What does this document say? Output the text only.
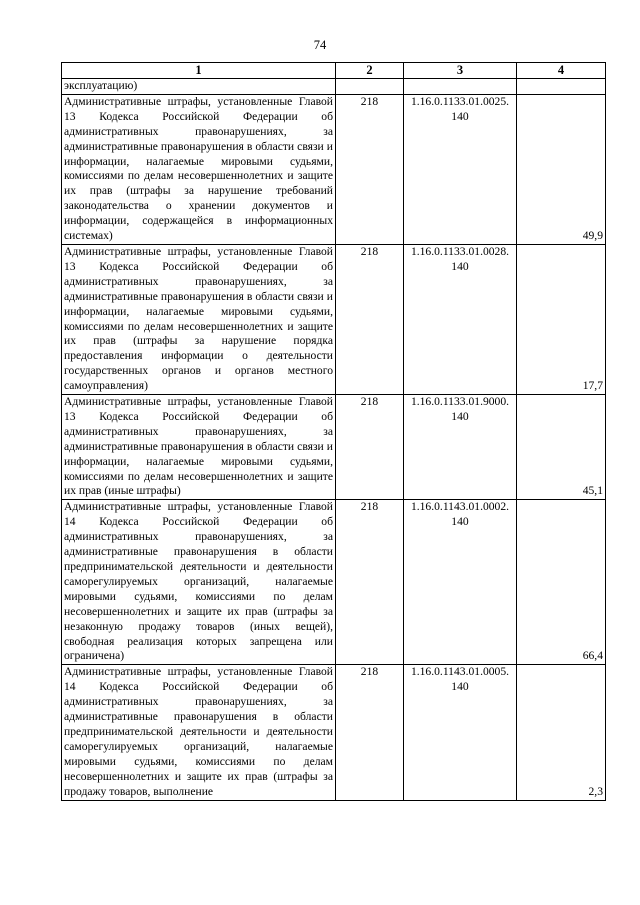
74
1	2	3	4
эксплуатацию)			
Административные штрафы, установленные Главой 13 Кодекса Российской Федерации об административных правонарушениях, за административные правонарушения в области связи и информации, налагаемые мировыми судьями, комиссиями по делам несовершеннолетних и защите их прав (штрафы за нарушение требований законодательства о хранении документов и информации, содержащейся в информационных системах)	218	1.16.0.1133.01.0025. 140	49,9
Административные штрафы, установленные Главой 13 Кодекса Российской Федерации об административных правонарушениях, за административные правонарушения в области связи и информации, налагаемые мировыми судьями, комиссиями по делам несовершеннолетних и защите их прав (штрафы за нарушение порядка предоставления информации о деятельности государственных органов и органов местного самоуправления)	218	1.16.0.1133.01.0028. 140	17,7
Административные штрафы, установленные Главой 13 Кодекса Российской Федерации об административных правонарушениях, за административные правонарушения в области связи и информации, налагаемые мировыми судьями, комиссиями по делам несовершеннолетних и защите их прав (иные штрафы)	218	1.16.0.1133.01.9000. 140	45,1
Административные штрафы, установленные Главой 14 Кодекса Российской Федерации об административных правонарушениях, за административные правонарушения в области предпринимательской деятельности и деятельности саморегулируемых организаций, налагаемые мировыми судьями, комиссиями по делам несовершеннолетних и защите их прав (штрафы за незаконную продажу товаров (иных вещей), свободная реализация которых запрещена или ограничена)	218	1.16.0.1143.01.0002. 140	66,4
Административные штрафы, установленные Главой 14 Кодекса Российской Федерации об административных правонарушениях, за административные правонарушения в области предпринимательской деятельности и деятельности саморегулируемых организаций, налагаемые мировыми судьями, комиссиями по делам несовершеннолетних и защите их прав (штрафы за продажу товаров, выполнение	218	1.16.0.1143.01.0005. 140	2,3
